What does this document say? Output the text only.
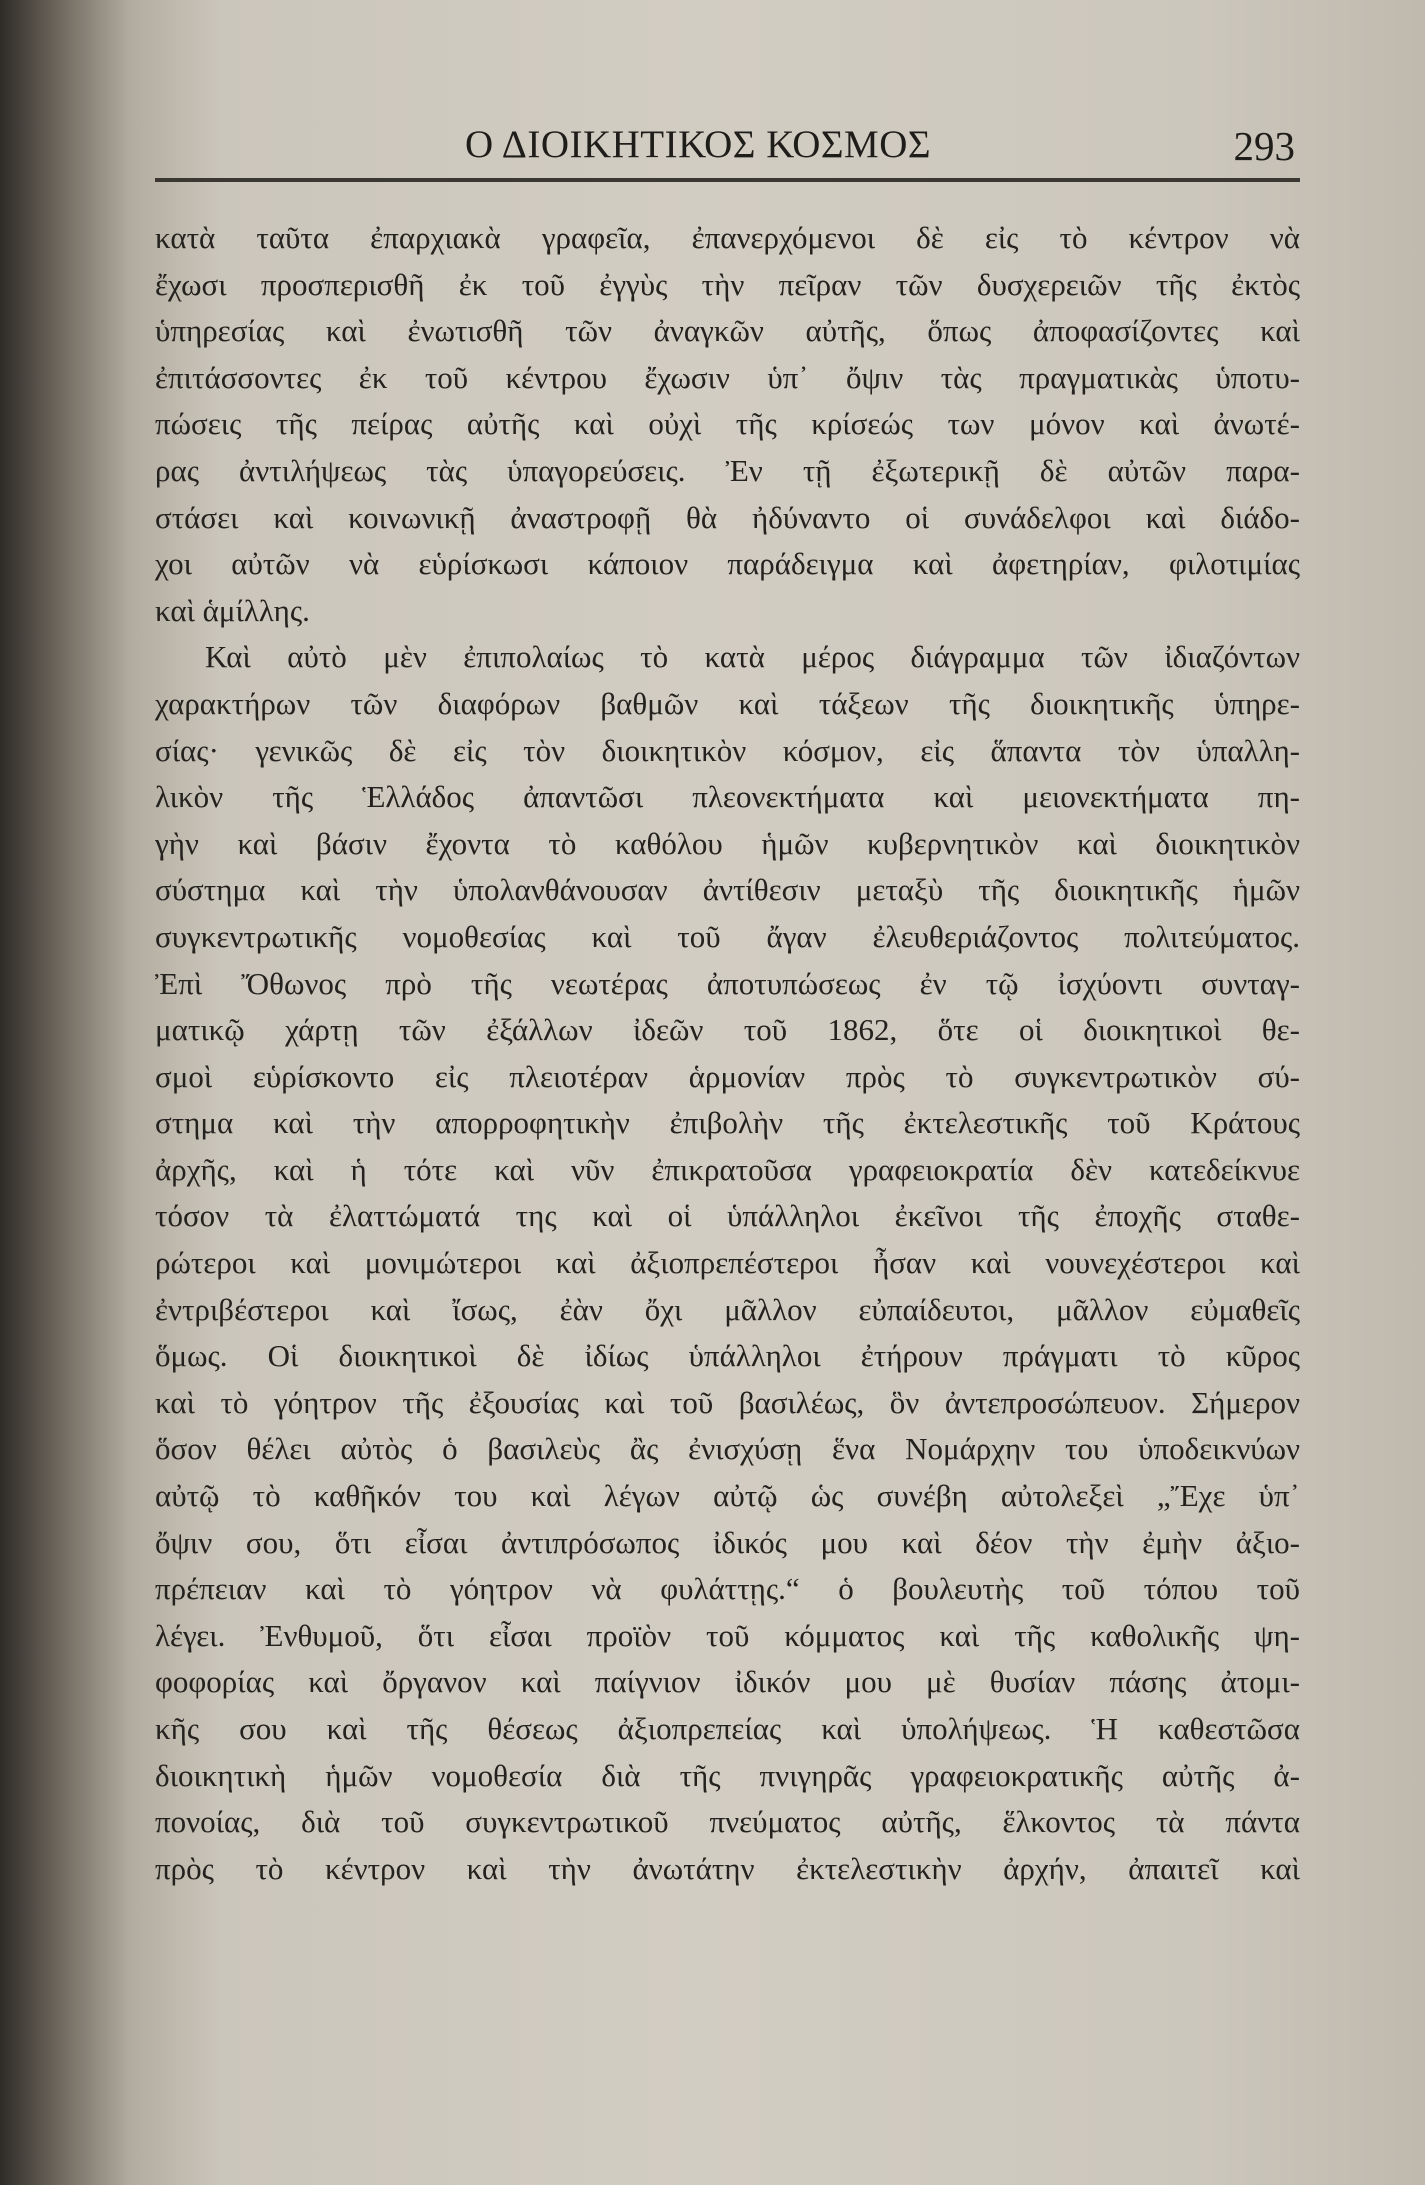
Ο ΔΙΟΙΚΗΤΙΚΟΣ ΚΟΣΜΟΣ	293
κατὰ ταῦτα ἐπαρχιακὰ γραφεῖα, ἐπανερχόμενοι δὲ εἰς τὸ κέντρον νὰ
ἔχωσι προσπερισθῆ ἐκ τοῦ ἐγγὺς τὴν πεῖραν τῶν δυσχερειῶν τῆς ἐκτὸς
ὑπηρεσίας καὶ ἐνωτισθῆ τῶν ἀναγκῶν αὐτῆς, ὅπως ἀποφασίζοντες καὶ
ἐπιτάσσοντες ἐκ τοῦ κέντρου ἔχωσιν ὑπ᾿ ὄψιν τὰς πραγματικὰς ὑποτυ-
πώσεις τῆς πείρας αὐτῆς καὶ οὐχὶ τῆς κρίσεώς των μόνον καὶ ἀνωτέ-
ρας ἀντιλήψεως τὰς ὑπαγορεύσεις. Ἐν τῇ ἐξωτερικῇ δὲ αὐτῶν παρα-
στάσει καὶ κοινωνικῇ ἀναστροφῇ θὰ ἠδύναντο οἱ συνάδελφοι καὶ διάδο-
χοι αὐτῶν νὰ εὑρίσκωσι κάποιον παράδειγμα καὶ ἀφετηρίαν, φιλοτιμίας
καὶ ἁμίλλης.
Καὶ αὐτὸ μὲν ἐπιπολαίως τὸ κατὰ μέρος διάγραμμα τῶν ἰδιαζόντων
χαρακτήρων τῶν διαφόρων βαθμῶν καὶ τάξεων τῆς διοικητικῆς ὑπηρε-
σίας· γενικῶς δὲ εἰς τὸν διοικητικὸν κόσμον, εἰς ἅπαντα τὸν ὑπαλλη-
λικὸν τῆς Ἑλλάδος ἀπαντῶσι πλεονεκτήματα καὶ μειονεκτήματα πη-
γὴν καὶ βάσιν ἔχοντα τὸ καθόλου ἡμῶν κυβερνητικὸν καὶ διοικητικὸν
σύστημα καὶ τὴν ὑπολανθάνουσαν ἀντίθεσιν μεταξὺ τῆς διοικητικῆς ἡμῶν
συγκεντρωτικῆς νομοθεσίας καὶ τοῦ ἄγαν ἐλευθεριάζοντος πολιτεύματος.
Ἐπὶ Ὄθωνος πρὸ τῆς νεωτέρας ἀποτυπώσεως ἐν τῷ ἰσχύοντι συνταγ-
ματικῷ χάρτῃ τῶν ἐξάλλων ἰδεῶν τοῦ 1862, ὅτε οἱ διοικητικοὶ θε-
σμοὶ εὑρίσκοντο εἰς πλειοτέραν ἁρμονίαν πρὸς τὸ συγκεντρωτικὸν σύ-
στημα καὶ τὴν απορροφητικὴν ἐπιβολὴν τῆς ἐκτελεστικῆς τοῦ Κράτους
ἀρχῆς, καὶ ἡ τότε καὶ νῦν ἐπικρατοῦσα γραφειοκρατία δὲν κατεδείκνυε
τόσον τὰ ἐλαττώματά της καὶ οἱ ὑπάλληλοι ἐκεῖνοι τῆς ἐποχῆς σταθε-
ρώτεροι καὶ μονιμώτεροι καὶ ἀξιοπρεπέστεροι ἦσαν καὶ νουνεχέστεροι καὶ
ἐντριβέστεροι καὶ ἴσως, ἐὰν ὄχι μᾶλλον εὐπαίδευτοι, μᾶλλον εὐμαθεῖς
ὅμως. Οἱ διοικητικοὶ δὲ ἰδίως ὑπάλληλοι ἐτήρουν πράγματι τὸ κῦρος
καὶ τὸ γόητρον τῆς ἐξουσίας καὶ τοῦ βασιλέως, ὃν ἀντεπροσώπευον. Σήμερον
ὅσον θέλει αὐτὸς ὁ βασιλεὺς ἂς ἐνισχύσῃ ἕνα Νομάρχην του ὑποδεικνύων
αὐτῷ τὸ καθῆκόν του καὶ λέγων αὐτῷ ὡς συνέβη αὐτολεξεὶ „Ἔχε ὑπ᾿
ὄψιν σου, ὅτι εἶσαι ἀντιπρόσωπος ἰδικός μου καὶ δέον τὴν ἐμὴν ἀξιο-
πρέπειαν καὶ τὸ γόητρον νὰ φυλάττῃς.“ ὁ βουλευτὴς τοῦ τόπου τοῦ
λέγει. Ἐνθυμοῦ, ὅτι εἶσαι προϊὸν τοῦ κόμματος καὶ τῆς καθολικῆς ψη-
φοφορίας καὶ ὄργανον καὶ παίγνιον ἰδικόν μου μὲ θυσίαν πάσης ἀτομι-
κῆς σου καὶ τῆς θέσεως ἀξιοπρεπείας καὶ ὑπολήψεως. Ἡ καθεστῶσα
διοικητικὴ ἡμῶν νομοθεσία διὰ τῆς πνιγηρᾶς γραφειοκρατικῆς αὐτῆς ἀ-
πονοίας, διὰ τοῦ συγκεντρωτικοῦ πνεύματος αὐτῆς, ἕλκοντος τὰ πάντα
πρὸς τὸ κέντρον καὶ τὴν ἀνωτάτην ἐκτελεστικὴν ἀρχήν, ἀπαιτεῖ καὶ
